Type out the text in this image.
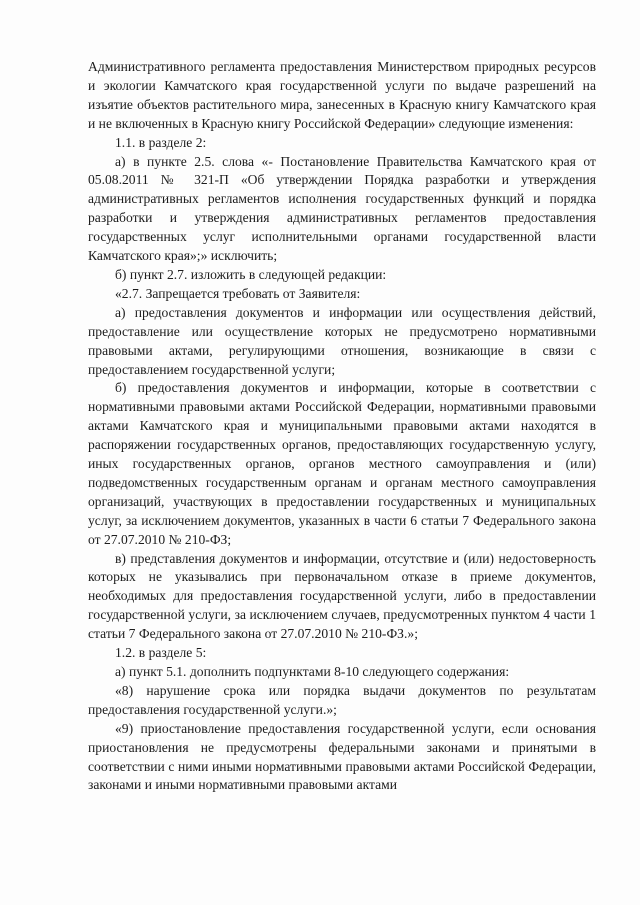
Административного регламента предоставления Министерством природных ресурсов и экологии Камчатского края государственной услуги по выдаче разрешений на изъятие объектов растительного мира, занесенных в Красную книгу Камчатского края и не включенных в Красную книгу Российской Федерации» следующие изменения:

1.1. в разделе 2:

а) в пункте 2.5. слова «- Постановление Правительства Камчатского края от 05.08.2011 № 321-П «Об утверждении Порядка разработки и утверждения административных регламентов исполнения государственных функций и порядка разработки и утверждения административных регламентов предоставления государственных услуг исполнительными органами государственной власти Камчатского края»;» исключить;

б) пункт 2.7. изложить в следующей редакции:

«2.7. Запрещается требовать от Заявителя:

а) предоставления документов и информации или осуществления действий, предоставление или осуществление которых не предусмотрено нормативными правовыми актами, регулирующими отношения, возникающие в связи с предоставлением государственной услуги;

б) предоставления документов и информации, которые в соответствии с нормативными правовыми актами Российской Федерации, нормативными правовыми актами Камчатского края и муниципальными правовыми актами находятся в распоряжении государственных органов, предоставляющих государственную услугу, иных государственных органов, органов местного самоуправления и (или) подведомственных государственным органам и органам местного самоуправления организаций, участвующих в предоставлении государственных и муниципальных услуг, за исключением документов, указанных в части 6 статьи 7 Федерального закона от 27.07.2010 № 210-ФЗ;

в) представления документов и информации, отсутствие и (или) недостоверность которых не указывались при первоначальном отказе в приеме документов, необходимых для предоставления государственной услуги, либо в предоставлении государственной услуги, за исключением случаев, предусмотренных пунктом 4 части 1 статьи 7 Федерального закона от 27.07.2010 № 210-ФЗ.»;

1.2. в разделе 5:

а) пункт 5.1. дополнить подпунктами 8-10 следующего содержания:

«8) нарушение срока или порядка выдачи документов по результатам предоставления государственной услуги.»;

«9) приостановление предоставления государственной услуги, если основания приостановления не предусмотрены федеральными законами и принятыми в соответствии с ними иными нормативными правовыми актами Российской Федерации, законами и иными нормативными правовыми актами
